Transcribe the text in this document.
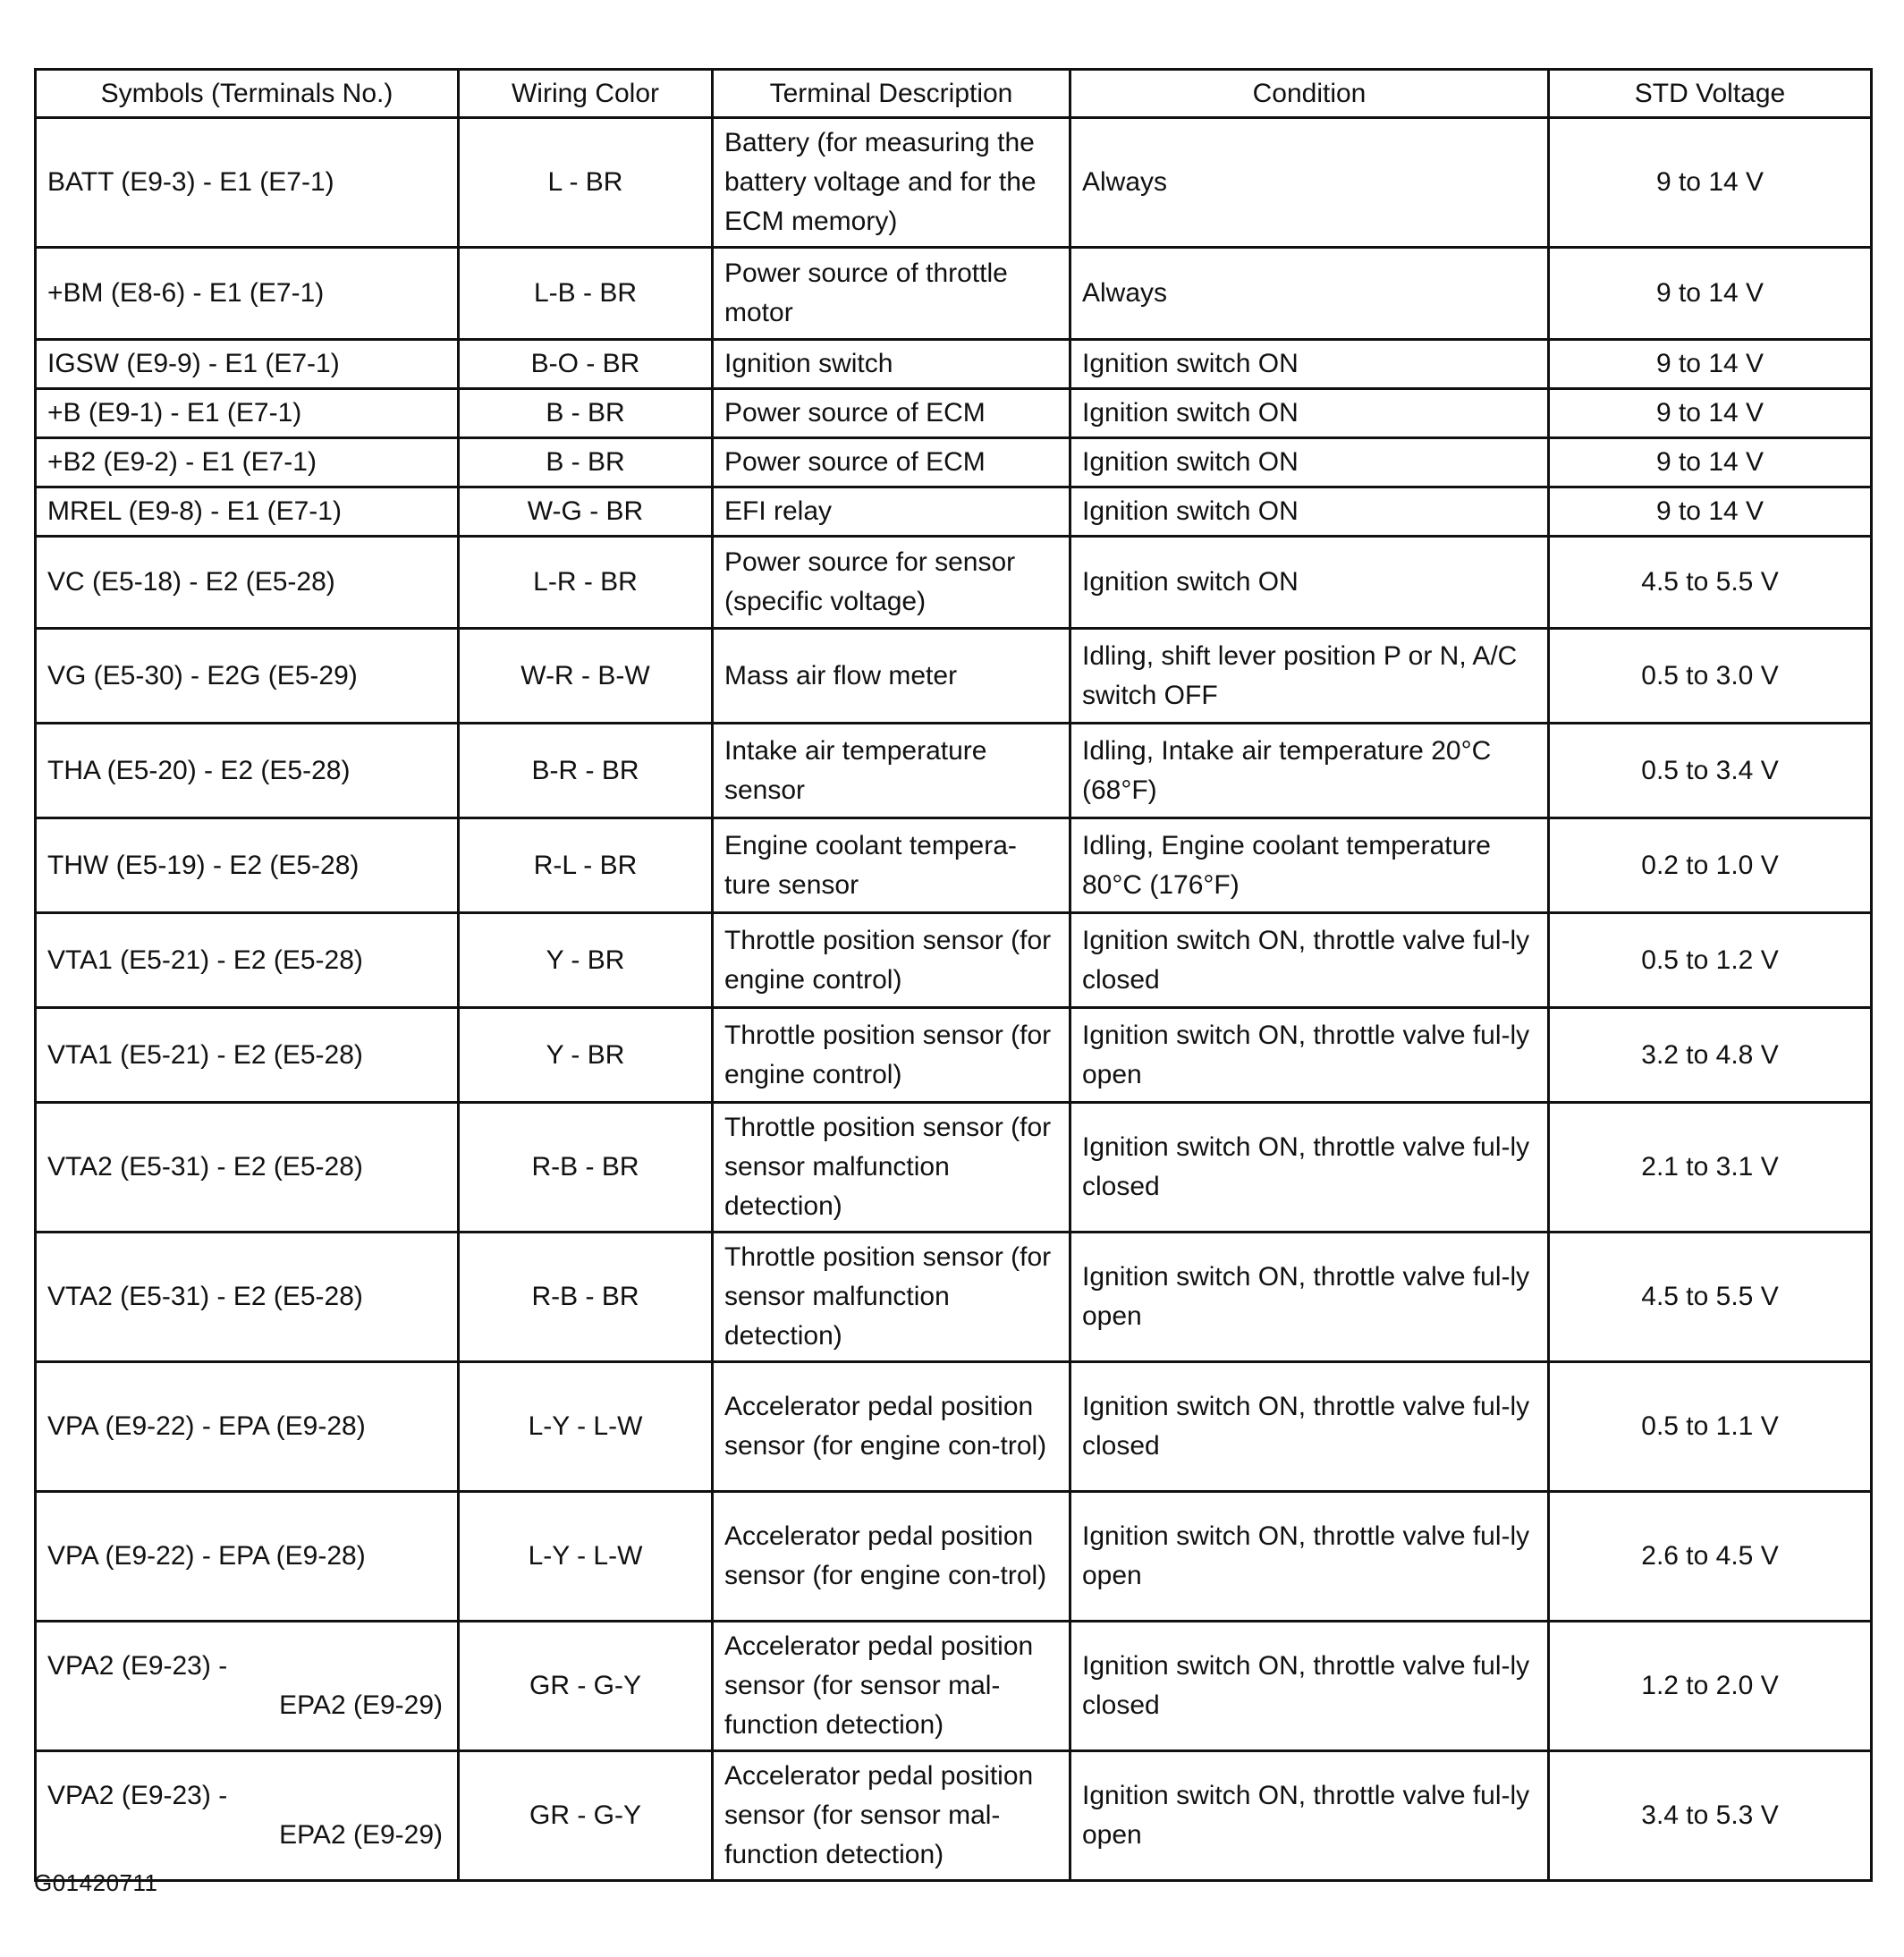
Symbols (Terminals No.)	Wiring Color	Terminal Description	Condition	STD Voltage

BATT (E9-3) - E1 (E7-1)	L - BR	Battery (for measuring the battery voltage and for the ECM memory)	Always	9 to 14 V

+BM (E8-6) - E1 (E7-1)	L-B - BR	Power source of throttle motor	Always	9 to 14 V

IGSW (E9-9) - E1 (E7-1)	B-O - BR	Ignition switch	Ignition switch ON	9 to 14 V

+B (E9-1) - E1 (E7-1)	B - BR	Power source of ECM	Ignition switch ON	9 to 14 V

+B2 (E9-2) - E1 (E7-1)	B - BR	Power source of ECM	Ignition switch ON	9 to 14 V

MREL (E9-8) - E1 (E7-1)	W-G - BR	EFI relay	Ignition switch ON	9 to 14 V

VC (E5-18) - E2 (E5-28)	L-R - BR	Power source for sensor (specific voltage)	Ignition switch ON	4.5 to 5.5 V

VG (E5-30) - E2G (E5-29)	W-R - B-W	Mass air flow meter	Idling, shift lever position P or N, A/C switch OFF	0.5 to 3.0 V

THA (E5-20) - E2 (E5-28)	B-R - BR	Intake air temperature sensor	Idling, Intake air temperature 20°C (68°F)	0.5 to 3.4 V

THW (E5-19) - E2 (E5-28)	R-L - BR	Engine coolant tempera-ture sensor	Idling, Engine coolant temperature 80°C (176°F)	0.2 to 1.0 V

VTA1 (E5-21) - E2 (E5-28)	Y - BR	Throttle position sensor (for engine control)	Ignition switch ON, throttle valve ful-ly closed	0.5 to 1.2 V

VTA1 (E5-21) - E2 (E5-28)	Y - BR	Throttle position sensor (for engine control)	Ignition switch ON, throttle valve ful-ly open	3.2 to 4.8 V

VTA2 (E5-31) - E2 (E5-28)	R-B - BR	Throttle position sensor (for sensor malfunction detection)	Ignition switch ON, throttle valve ful-ly closed	2.1 to 3.1 V

VTA2 (E5-31) - E2 (E5-28)	R-B - BR	Throttle position sensor (for sensor malfunction detection)	Ignition switch ON, throttle valve ful-ly open	4.5 to 5.5 V

VPA (E9-22) - EPA (E9-28)	L-Y - L-W	Accelerator pedal position sensor (for engine con-trol)	Ignition switch ON, throttle valve ful-ly closed	0.5 to 1.1 V

VPA (E9-22) - EPA (E9-28)	L-Y - L-W	Accelerator pedal position sensor (for engine con-trol)	Ignition switch ON, throttle valve ful-ly open	2.6 to 4.5 V

VPA2 (E9-23) -
EPA2 (E9-29)	GR - G-Y	Accelerator pedal position sensor (for sensor mal-function detection)	Ignition switch ON, throttle valve ful-ly closed	1.2 to 2.0 V

VPA2 (E9-23) -
EPA2 (E9-29)	GR - G-Y	Accelerator pedal position sensor (for sensor mal-function detection)	Ignition switch ON, throttle valve ful-ly open	3.4 to 5.3 V
G01420711
